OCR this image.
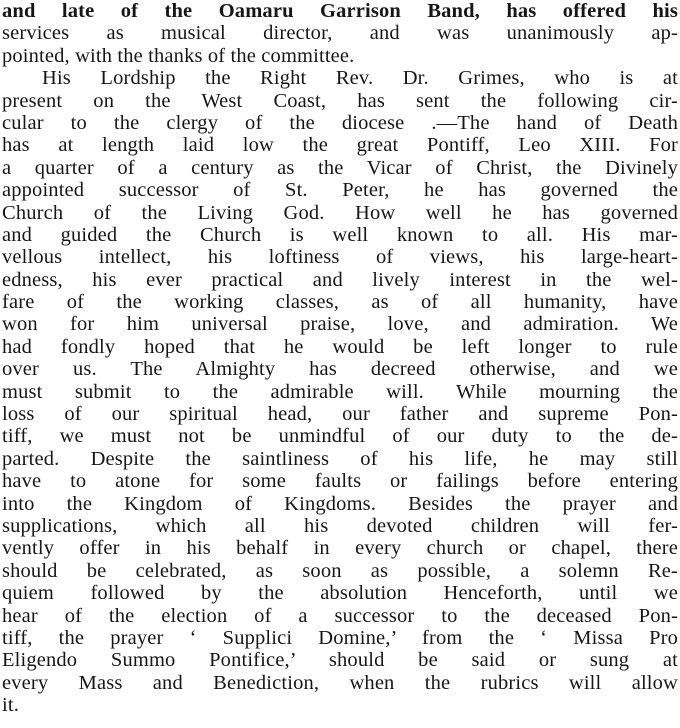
and late of the Oamaru Garrison Band, has offered his
services as musical director, and was unanimously ap-
pointed, with the thanks of the committee.
His Lordship the Right Rev. Dr. Grimes, who is at
present on the West Coast, has sent the following cir-
cular to the clergy of the diocese .—The hand of Death
has at length laid low the great Pontiff, Leo XIII. For
a quarter of a century as the Vicar of Christ, the Divinely
appointed successor of St. Peter, he has governed the
Church of the Living God. How well he has governed
and guided the Church is well known to all. His mar-
vellous intellect, his loftiness of views, his large-heart-
edness, his ever practical and lively interest in the wel-
fare of the working classes, as of all humanity, have
won for him universal praise, love, and admiration. We
had fondly hoped that he would be left longer to rule
over us. The Almighty has decreed otherwise, and we
must submit to the admirable will. While mourning the
loss of our spiritual head, our father and supreme Pon-
tiff, we must not be unmindful of our duty to the de-
parted. Despite the saintliness of his life, he may still
have to atone for some faults or failings before entering
into the Kingdom of Kingdoms. Besides the prayer and
supplications, which all his devoted children will fer-
vently offer in his behalf in every church or chapel, there
should be celebrated, as soon as possible, a solemn Re-
quiem followed by the absolution Henceforth, until we
hear of the election of a successor to the deceased Pon-
tiff, the prayer ‘ Supplici Domine,’ from the ‘ Missa Pro
Eligendo Summo Pontifice,’ should be said or sung at
every Mass and Benediction, when the rubrics will allow
it.
